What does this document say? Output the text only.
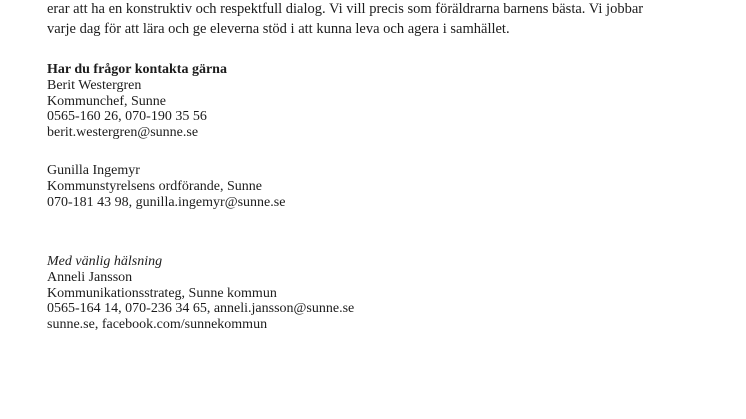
erar att ha en konstruktiv och respektfull dialog. Vi vill precis som föräldrarna barnens bästa. Vi jobbar
varje dag för att lära och ge eleverna stöd i att kunna leva och agera i samhället.
Har du frågor kontakta gärna
Berit Westergren
Kommunchef, Sunne
0565-160 26, 070-190 35 56
berit.westergren@sunne.se
Gunilla Ingemyr
Kommunstyrelsens ordförande, Sunne
070-181 43 98, gunilla.ingemyr@sunne.se
Med vänlig hälsning
Anneli Jansson
Kommunikationsstrateg, Sunne kommun
0565-164 14, 070-236 34 65, anneli.jansson@sunne.se
sunne.se, facebook.com/sunnekommun
